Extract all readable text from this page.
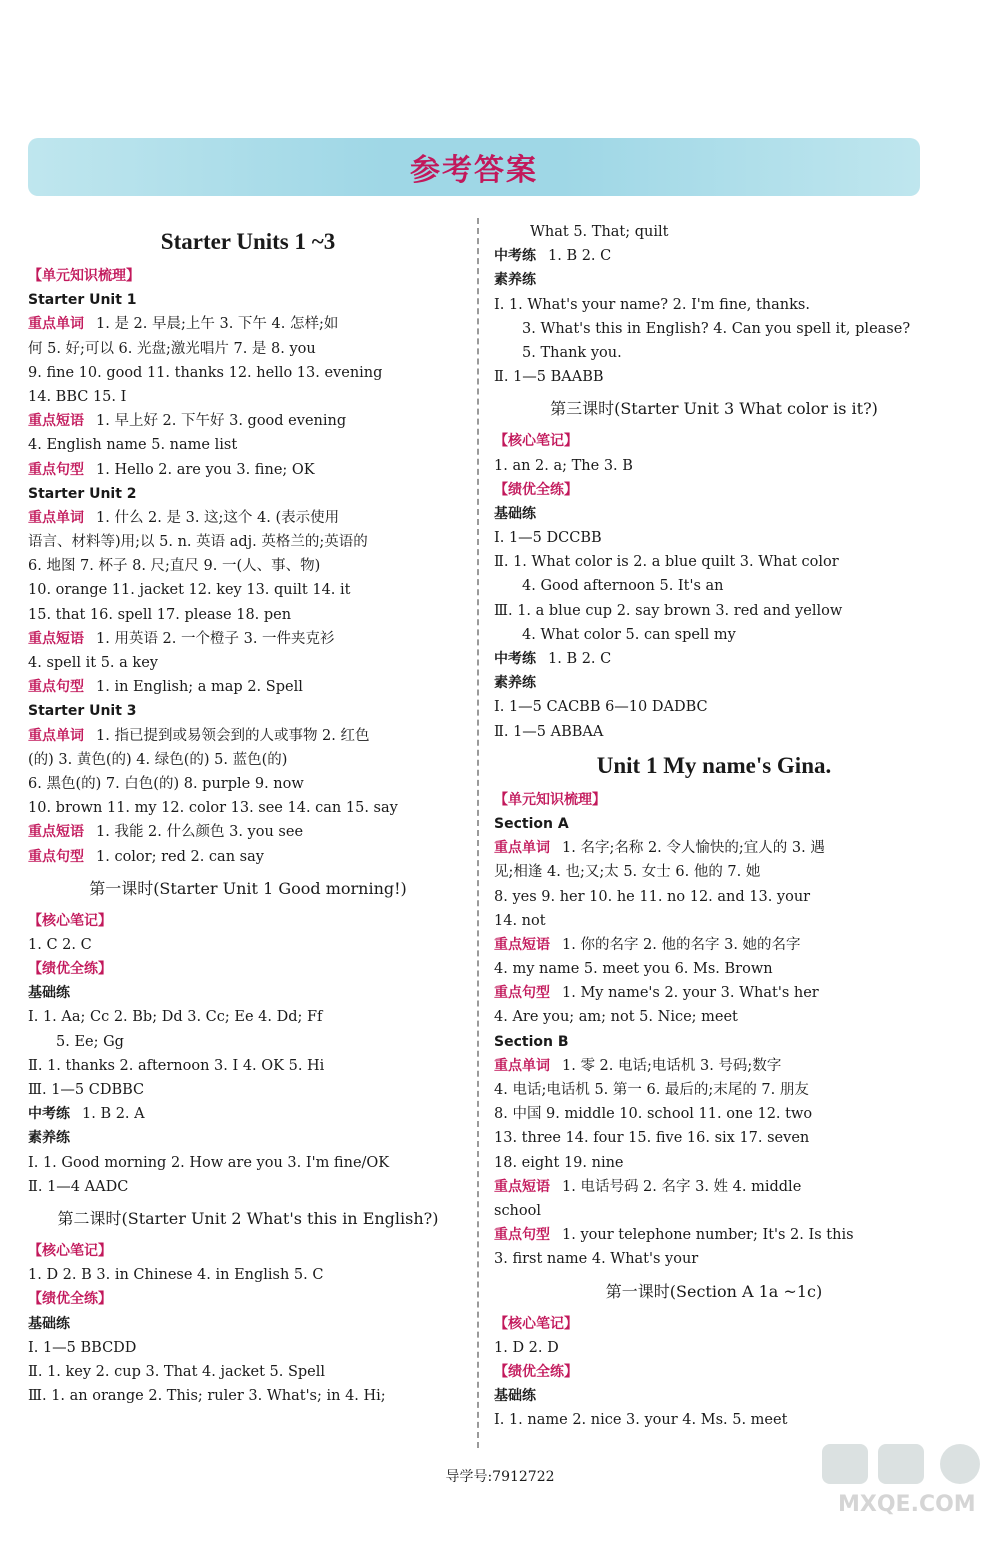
参考答案
Starter Units 1 ~3
【单元知识梳理】
Starter Unit 1
重点单词 1. 是 2. 早晨;上午 3. 下午 4. 怎样;如
何 5. 好;可以 6. 光盘;激光唱片 7. 是 8. you
9. fine 10. good 11. thanks 12. hello 13. evening
14. BBC 15. I
重点短语 1. 早上好 2. 下午好 3. good evening
4. English name 5. name list
重点句型 1. Hello 2. are you 3. fine; OK
Starter Unit 2
重点单词 1. 什么 2. 是 3. 这;这个 4. (表示使用
语言、材料等)用;以 5. n. 英语 adj. 英格兰的;英语的
6. 地图 7. 杯子 8. 尺;直尺 9. 一(人、事、物)
10. orange 11. jacket 12. key 13. quilt 14. it
15. that 16. spell 17. please 18. pen
重点短语 1. 用英语 2. 一个橙子 3. 一件夹克衫
4. spell it 5. a key
重点句型 1. in English; a map 2. Spell
Starter Unit 3
重点单词 1. 指已提到或易领会到的人或事物 2. 红色
(的) 3. 黄色(的) 4. 绿色(的) 5. 蓝色(的)
6. 黑色(的) 7. 白色(的) 8. purple 9. now
10. brown 11. my 12. color 13. see 14. can 15. say
重点短语 1. 我能 2. 什么颜色 3. you see
重点句型 1. color; red 2. can say
第一课时(Starter Unit 1 Good morning!)
【核心笔记】
1. C 2. C
【绩优全练】
基础练
Ⅰ. 1. Aa; Cc 2. Bb; Dd 3. Cc; Ee 4. Dd; Ff
5. Ee; Gg
Ⅱ. 1. thanks 2. afternoon 3. I 4. OK 5. Hi
Ⅲ. 1—5 CDBBC
中考练 1. B 2. A
素养练
Ⅰ. 1. Good morning 2. How are you 3. I'm fine/OK
Ⅱ. 1—4 AADC
第二课时(Starter Unit 2 What's this in English?)
【核心笔记】
1. D 2. B 3. in Chinese 4. in English 5. C
【绩优全练】
基础练
Ⅰ. 1—5 BBCDD
Ⅱ. 1. key 2. cup 3. That 4. jacket 5. Spell
Ⅲ. 1. an orange 2. This; ruler 3. What's; in 4. Hi;
What 5. That; quilt
中考练 1. B 2. C
素养练
Ⅰ. 1. What's your name? 2. I'm fine, thanks.
3. What's this in English? 4. Can you spell it, please?
5. Thank you.
Ⅱ. 1—5 BAABB
第三课时(Starter Unit 3 What color is it?)
【核心笔记】
1. an 2. a; The 3. B
【绩优全练】
基础练
Ⅰ. 1—5 DCCBB
Ⅱ. 1. What color is 2. a blue quilt 3. What color
4. Good afternoon 5. It's an
Ⅲ. 1. a blue cup 2. say brown 3. red and yellow
4. What color 5. can spell my
中考练 1. B 2. C
素养练
Ⅰ. 1—5 CACBB 6—10 DADBC
Ⅱ. 1—5 ABBAA
Unit 1 My name's Gina.
【单元知识梳理】
Section A
重点单词 1. 名字;名称 2. 令人愉快的;宜人的 3. 遇
见;相逢 4. 也;又;太 5. 女士 6. 他的 7. 她
8. yes 9. her 10. he 11. no 12. and 13. your
14. not
重点短语 1. 你的名字 2. 他的名字 3. 她的名字
4. my name 5. meet you 6. Ms. Brown
重点句型 1. My name's 2. your 3. What's her
4. Are you; am; not 5. Nice; meet
Section B
重点单词 1. 零 2. 电话;电话机 3. 号码;数字
4. 电话;电话机 5. 第一 6. 最后的;末尾的 7. 朋友
8. 中国 9. middle 10. school 11. one 12. two
13. three 14. four 15. five 16. six 17. seven
18. eight 19. nine
重点短语 1. 电话号码 2. 名字 3. 姓 4. middle
school
重点句型 1. your telephone number; It's 2. Is this
3. first name 4. What's your
第一课时(Section A 1a ~1c)
【核心笔记】
1. D 2. D
【绩优全练】
基础练
Ⅰ. 1. name 2. nice 3. your 4. Ms. 5. meet
导学号:7912722
MXQE.COM
